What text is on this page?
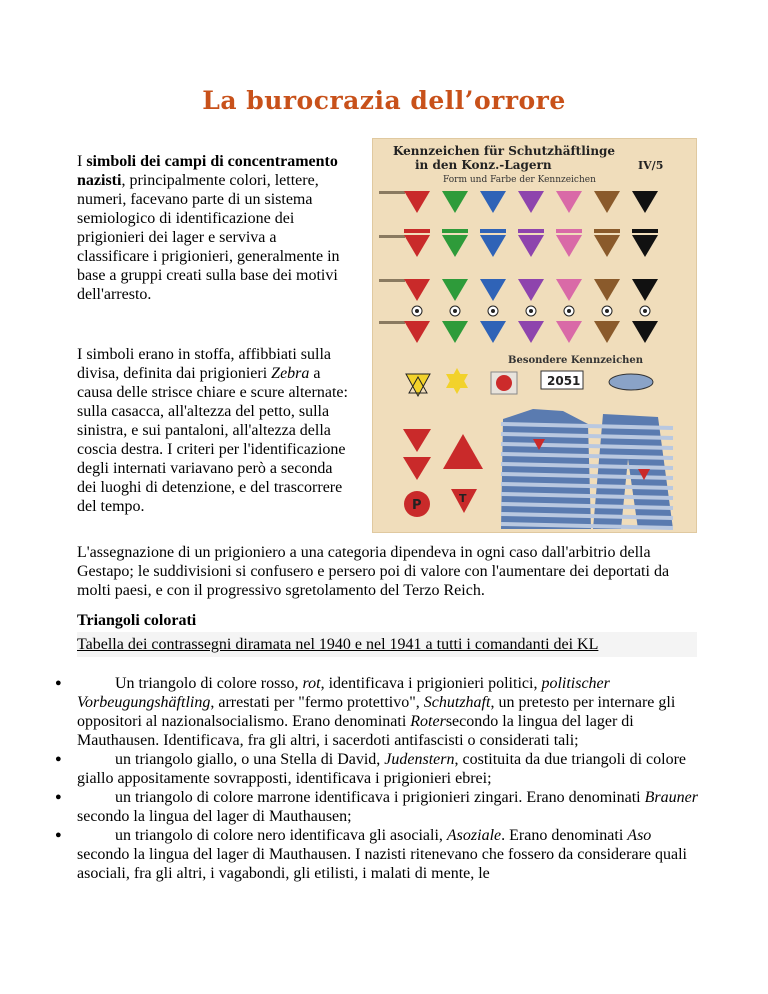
La burocrazia dell’orrore
I simboli dei campi di concentramento nazisti, principalmente colori, lettere, numeri, facevano parte di un sistema semiologico di identificazione dei prigionieri dei lager e serviva a classificare i prigionieri, generalmente in base a gruppi creati sulla base dei motivi dell'arresto.
I simboli erano in stoffa, affibbiati sulla divisa, definita dai prigionieri Zebra a causa delle strisce chiare e scure alternate: sulla casacca, all'altezza del petto, sulla sinistra, e sui pantaloni, all'altezza della coscia destra. I criteri per l'identificazione degli internati variavano però a seconda dei luoghi di detenzione, e del trascorrere del tempo.
Kennzeichen für Schutzhäftlinge
in den Konz.-Lagern	IV/5
Form und Farbe der Kennzeichen
Besondere Kennzeichen
2051
P	T
L'assegnazione di un prigioniero a una categoria dipendeva in ogni caso dall'arbitrio della Gestapo; le suddivisioni si confusero e persero poi di valore con l'aumentare dei deportati da molti paesi, e con il progressivo sgretolamento del Terzo Reich.
Triangoli colorati
Tabella dei contrassegni diramata nel 1940 e nel 1941 a tutti i comandanti dei KL
●	Un triangolo di colore rosso, rot, identificava i prigionieri politici, politischer Vorbeugungshäftling, arrestati per "fermo protettivo", Schutzhaft, un pretesto per internare gli oppositori al nazionalsocialismo. Erano denominati Rotersecondo la lingua del lager di Mauthausen. Identificava, fra gli altri, i sacerdoti antifascisti o considerati tali;
●	un triangolo giallo, o una Stella di David, Judenstern, costituita da due triangoli di colore giallo appositamente sovrapposti, identificava i prigionieri ebrei;
●	un triangolo di colore marrone identificava i prigionieri zingari. Erano denominati Brauner secondo la lingua del lager di Mauthausen;
●	un triangolo di colore nero identificava gli asociali, Asoziale. Erano denominati Aso secondo la lingua del lager di Mauthausen. I nazisti ritenevano che fossero da considerare quali asociali, fra gli altri, i vagabondi, gli etilisti, i malati di mente, le
